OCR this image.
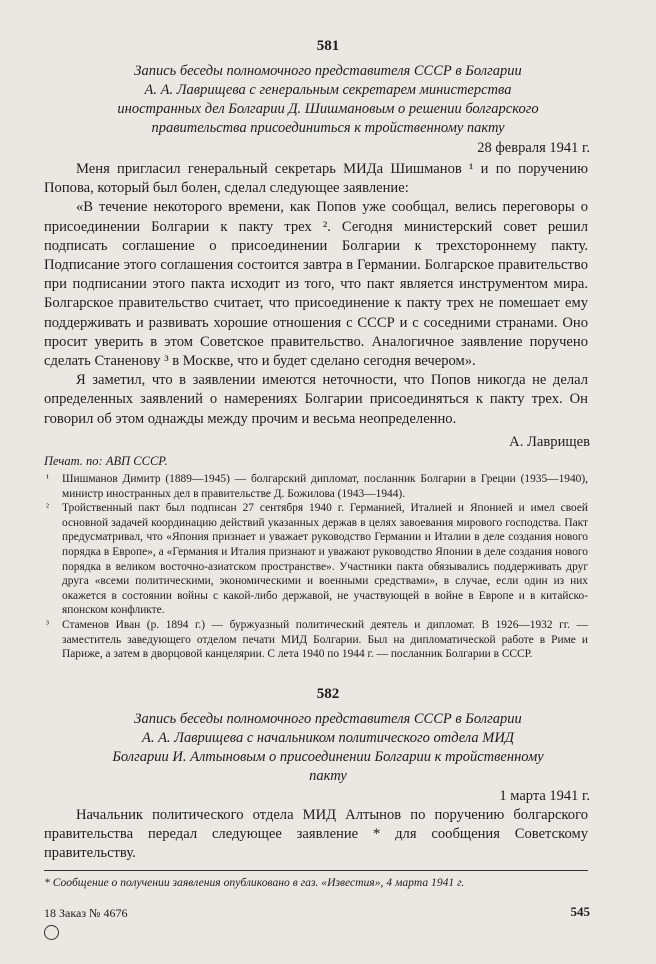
581
Запись беседы полномочного представителя СССР в Болгарии
А. А. Лаврищева с генеральным секретарем министерства
иностранных дел Болгарии Д. Шишмановым о решении болгарского
правительства присоединиться к тройственному пакту
28 февраля 1941 г.

Меня пригласил генеральный секретарь МИДа Шишманов ¹ и по поручению Попова, который был болен, сделал следующее заявление:

«В течение некоторого времени, как Попов уже сообщал, велись переговоры о присоединении Болгарии к пакту трех ². Сегодня министерский совет решил подписать соглашение о присоединении Болгарии к трехстороннему пакту. Подписание этого соглашения состоится завтра в Германии. Болгарское правительство при подписании этого пакта исходит из того, что пакт является инструментом мира. Болгарское правительство считает, что присоединение к пакту трех не помешает ему поддерживать и развивать хорошие отношения с СССР и с соседними странами. Оно просит уверить в этом Советское правительство. Аналогичное заявление поручено сделать Станеновy ³ в Москве, что и будет сделано сегодня вечером».

Я заметил, что в заявлении имеются неточности, что Попов никогда не делал определенных заявлений о намерениях Болгарии присоединяться к пакту трех. Он говорил об этом однажды между прочим и весьма неопределенно.

А. Лаврищев
Печат. по: АВП СССР.

¹ Шишманов Димитр (1889—1945) — болгарский дипломат, посланник Болгарии в Греции (1935—1940), министр иностранных дел в правительстве Д. Божилова (1943—1944).

² Тройственный пакт был подписан 27 сентября 1940 г. Германией, Италией и Японией и имел своей основной задачей координацию действий указанных держав в целях завоевания мирового господства. Пакт предусматривал, что «Япония признает и уважает руководство Германии и Италии в деле создания нового порядка в Европе», а «Германия и Италия признают и уважают руководство Японии в деле создания нового порядка в великом восточно-азиатском пространстве». Участники пакта обязывались поддерживать друг друга «всеми политическими, экономическими и военными средствами», в случае, если один из них окажется в состоянии войны с какой-либо державой, не участвующей в войне в Европе и в китайско-японском конфликте.

³ Стаменов Иван (р. 1894 г.) — буржуазный политический деятель и дипломат. В 1926—1932 гг. — заместитель заведующего отделом печати МИД Болгарии. Был на дипломатической работе в Риме и Париже, а затем в дворцовой канцелярии. С лета 1940 по 1944 г. — посланник Болгарии в СССР.

582
Запись беседы полномочного представителя СССР в Болгарии
А. А. Лаврищева с начальником политического отдела МИД
Болгарии И. Алтыновым о присоединении Болгарии к тройственному
пакту
1 марта 1941 г.

Начальник политического отдела МИД Алтынов по поручению болгарского правительства передал следующее заявление * для сообщения Советскому правительству.

* Сообщение о получении заявления опубликовано в газ. «Известия», 4 марта 1941 г.
18 Заказ № 4676	545
